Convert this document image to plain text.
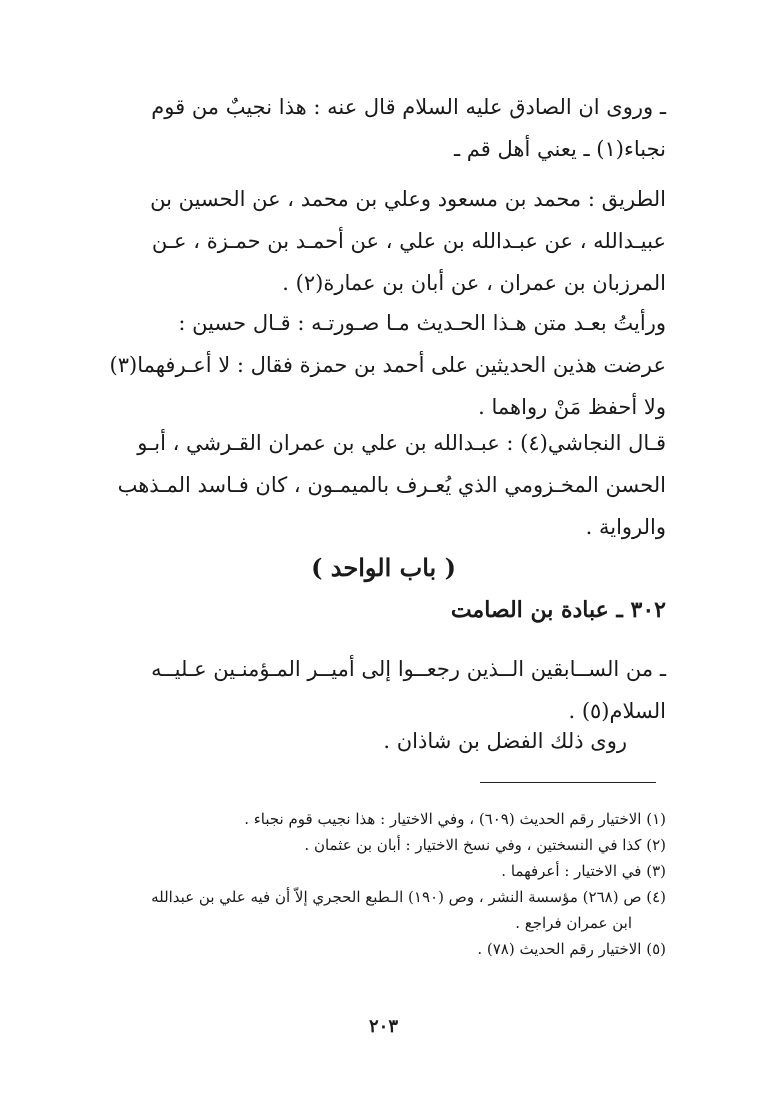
ـ وروى ان الصادق عليه السلام قال عنه : هذا نجيبٌ من قوم
نجباء(١) ـ يعني أهل قم ـ

الطريق : محمد بن مسعود وعلي بن محمد ، عن الحسين بن
عبيـدالله ، عن عبـدالله بن علي ، عن أحمـد بن حمـزة ، عـن
المرزبان بن عمران ، عن أبان بن عمارة(٢) .

ورأيتُ بعـد متن هـذا الحـديث مـا صـورتـه : قـال حسين :
عرضت هذين الحديثين على أحمد بن حمزة فقال : لا أعـرفهما(٣)
ولا أحفظ مَنْ رواهما .

قـال النجاشي(٤) : عبـدالله بن علي بن عمران القـرشي ، أبـو
الحسن المخـزومي الذي يُعـرف بالميمـون ، كان فـاسد المـذهب
والرواية .

( باب الواحد )
٣٠٢ ـ عبادة بن الصامت

ـ من الســابقين الــذين رجعــوا إلى أميــر المـؤمنـين عـليــه
السلام(٥) .

روى ذلك الفضل بن شاذان .

(١) الاختيار رقم الحديث (٦٠٩) ، وفي الاختيار : هذا نجيب قوم نجباء .
(٢) كذا في النسختين ، وفي نسخ الاختيار : أبان بن عثمان .
(٣) في الاختيار : أعرفهما .
(٤) ص (٢٦٨) مؤسسة النشر ، وص (١٩٠) الـطبع الحجري إلاّ أن فيه علي بن عبدالله
ابن عمران فراجع .
(٥) الاختيار رقم الحديث (٧٨) .
٢٠٣
